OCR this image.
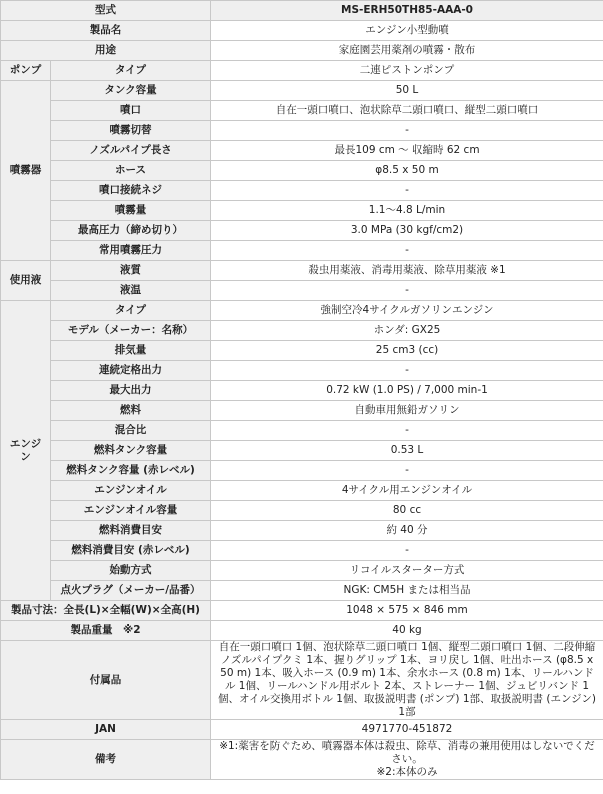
型式		MS-ERH50TH85-AAA-0
製品名		エンジン小型動噴
用途		家庭園芸用薬剤の噴霧・散布
ポンプ	タイプ	二連ピストンポンプ
噴霧器	タンク容量	50 L
	噴口	自在一頭口噴口、泡状除草二頭口噴口、縦型二頭口噴口
	噴霧切替	-
	ノズルパイプ長さ	最長109 cm 〜 収縮時 62 cm
	ホース	φ8.5 x 50 m
	噴口接続ネジ	-
	噴霧量	1.1〜4.8 L/min
	最高圧力（締め切り）	3.0 MPa (30 kgf/cm2)
	常用噴霧圧力	-
使用液	液質	殺虫用薬液、消毒用薬液、除草用薬液 ※1
	液温	-
エンジン	タイプ	強制空冷4サイクルガソリンエンジン
	モデル（メーカー：名称）	ホンダ: GX25
	排気量	25 cm3 (cc)
	連続定格出力	-
	最大出力	0.72 kW (1.0 PS) / 7,000 min-1
	燃料	自動車用無鉛ガソリン
	混合比	-
	燃料タンク容量	0.53 L
	燃料タンク容量 (赤レベル)	-
	エンジンオイル	4サイクル用エンジンオイル
	エンジンオイル容量	80 cc
	燃料消費目安	約 40 分
	燃料消費目安 (赤レベル)	-
	始動方式	リコイルスターター方式
	点火プラグ（メーカー/品番）	NGK: CM5H または相当品
製品寸法：全長(L)×全幅(W)×全高(H)		1048 × 575 × 846 mm
製品重量　※2		40 kg
付属品		自在一頭口噴口 1個、泡状除草二頭口噴口 1個、縦型二頭口噴口 1個、二段伸縮ノズルパイプクミ 1本、握りグリップ 1本、ヨリ戻し 1個、吐出ホース (φ8.5 x 50 m) 1本、吸入ホース (0.9 m) 1本、余水ホース (0.8 m) 1本、リールハンドル 1個、リールハンドル用ボルト 2本、ストレーナー 1個、ジュビリバンド 1個、オイル交換用ボトル 1個、取扱説明書 (ポンプ) 1部、取扱説明書 (エンジン) 1部
JAN		4971770-451872
備考		※1:薬害を防ぐため、噴霧器本体は殺虫、除草、消毒の兼用使用はしないでください。
※2:本体のみ
